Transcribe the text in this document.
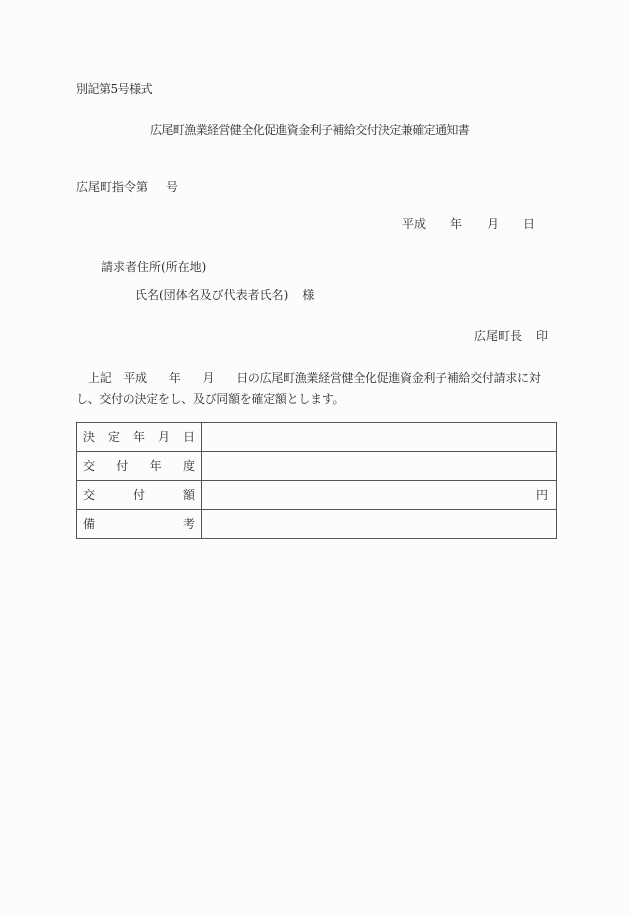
別記第5号様式
広尾町漁業経営健全化促進資金利子補給交付決定兼確定通知書
広尾町指令第 号
平成 年 月 日
請求者住所(所在地)
氏名(団体名及び代表者氏名) 様
広尾町長 印
上記 平成 年 月 日の広尾町漁業経営健全化促進資金利子補給交付請求に対し、交付の決定をし、及び同額を確定額とします。
決 定 年 月 日	

交 付 年 度	

交 付 額	円

備 考	
